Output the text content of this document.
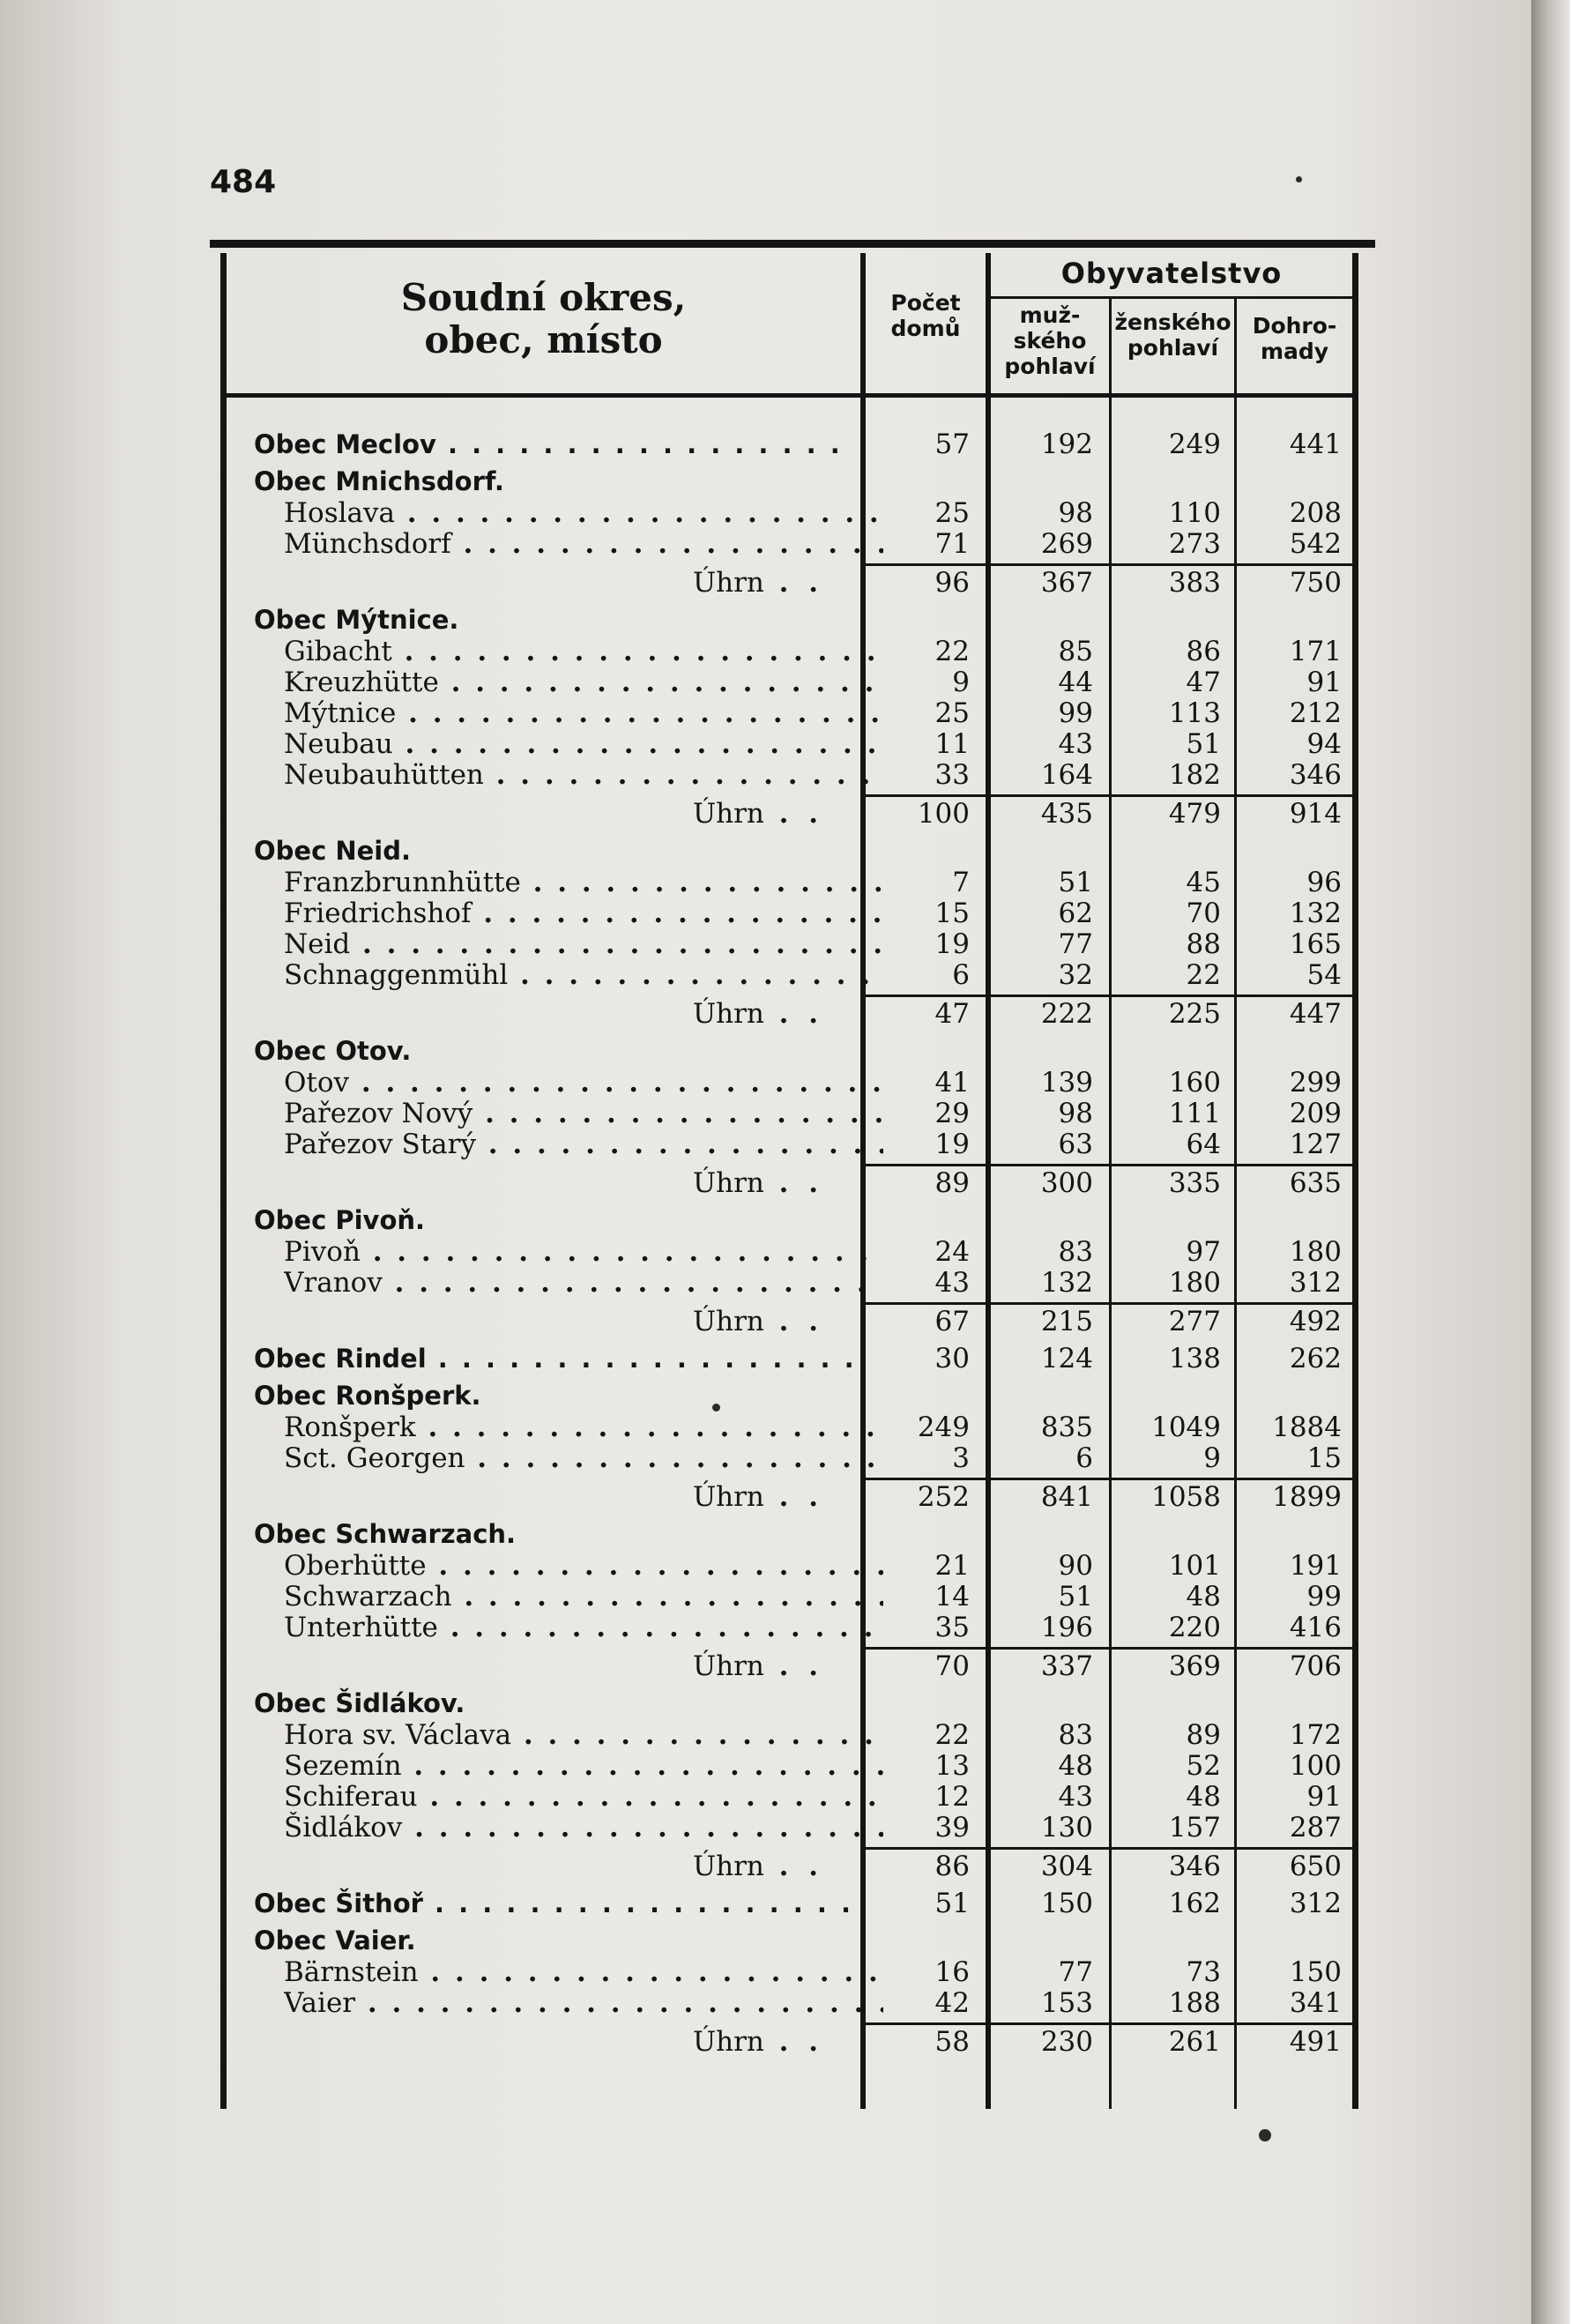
484
Soudní okres,
obec, místo
Počet
domů
Obyvatelstvo
muž-
ského
pohlaví
ženského
pohlaví
Dohro-
mady
Obec Meclov . . .	57	192	249	441
Obec Mnichsdorf.
Hoslava . . .	25	98	110	208
Münchsdorf . . .	71	269	273	542
Úhrn . .	96	367	383	750
Obec Mýtnice.
Gibacht . . .	22	85	86	171
Kreuzhütte . . .	9	44	47	91
Mýtnice . . .	25	99	113	212
Neubau . . .	11	43	51	94
Neubauhütten . . .	33	164	182	346
Úhrn . .	100	435	479	914
Obec Neid.
Franzbrunnhütte . . .	7	51	45	96
Friedrichshof . . .	15	62	70	132
Neid . . .	19	77	88	165
Schnaggenmühl . . .	6	32	22	54
Úhrn . .	47	222	225	447
Obec Otov.
Otov . . .	41	139	160	299
Pařezov Nový . . .	29	98	111	209
Pařezov Starý . . .	19	63	64	127
Úhrn . .	89	300	335	635
Obec Pivoň.
Pivoň . . .	24	83	97	180
Vranov . . .	43	132	180	312
Úhrn . .	67	215	277	492
Obec Rindel . . .	30	124	138	262
Obec Ronšperk.
Ronšperk . . .	249	835	1049	1884
Sct. Georgen . . .	3	6	9	15
Úhrn . .	252	841	1058	1899
Obec Schwarzach.
Oberhütte . . .	21	90	101	191
Schwarzach . . .	14	51	48	99
Unterhütte . . .	35	196	220	416
Úhrn . .	70	337	369	706
Obec Šidlákov.
Hora sv. Václava . . .	22	83	89	172
Sezemín . . .	13	48	52	100
Schiferau . . .	12	43	48	91
Šidlákov . . .	39	130	157	287
Úhrn . .	86	304	346	650
Obec Šithoř . . .	51	150	162	312
Obec Vaier.
Bärnstein . . .	16	77	73	150
Vaier . . .	42	153	188	341
Úhrn . .	58	230	261	491
